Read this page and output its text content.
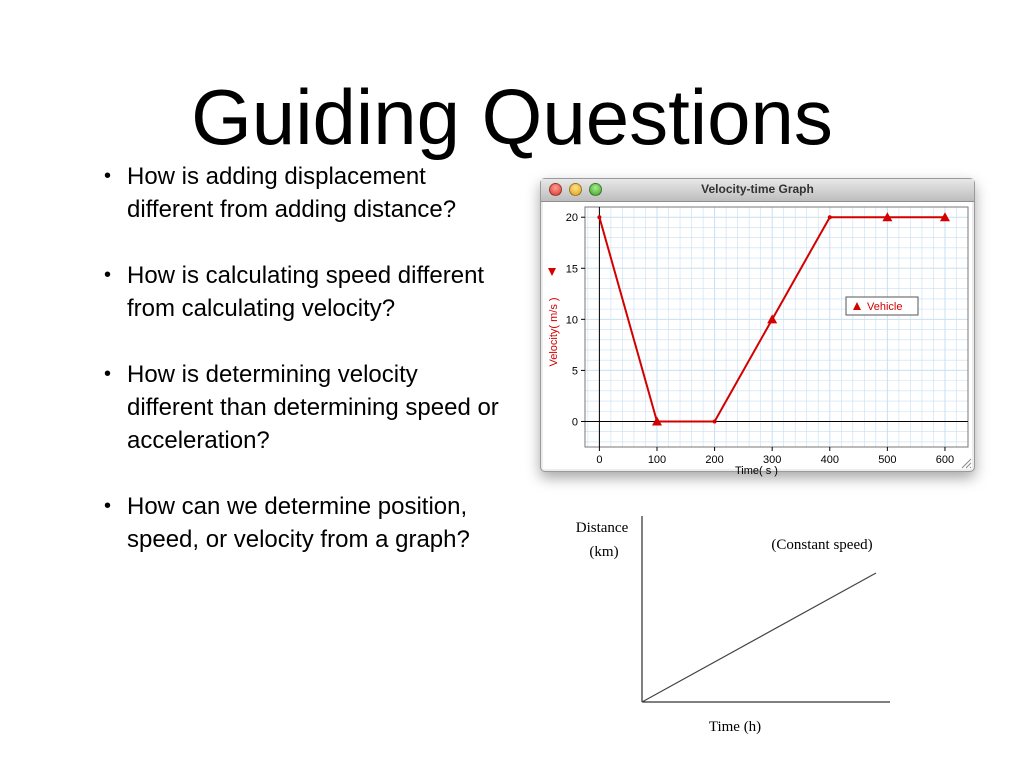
Guiding Questions
• How is adding displacement different from adding distance?
• How is calculating speed different from calculating velocity?
• How is determining velocity different than determining speed or acceleration?
• How can we determine position, speed, or velocity from a graph?
Velocity-time Graph
0	100	200	300	400	500	600
0
5
10
15
20
Time( s )
Velocity( m/s )	Vehicle
Distance
(km)	(Constant speed)
Time (h)
